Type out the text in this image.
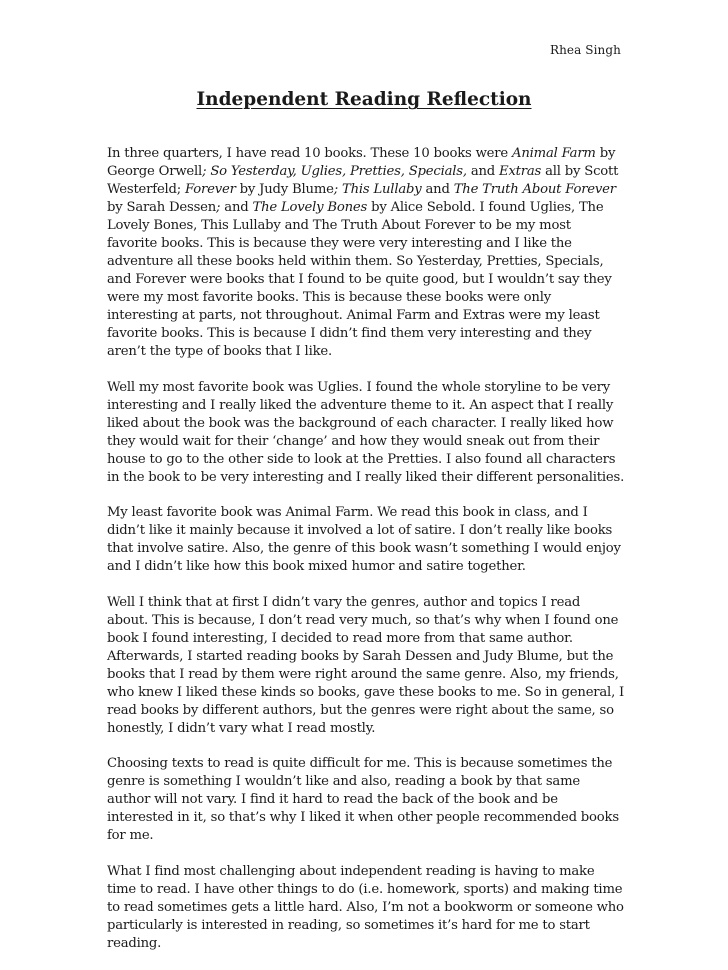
Rhea Singh
Independent Reading Reflection

In three quarters, I have read 10 books. These 10 books were Animal Farm by George Orwell; So Yesterday, Uglies, Pretties, Specials, and Extras all by Scott Westerfeld; Forever by Judy Blume; This Lullaby and The Truth About Forever by Sarah Dessen; and The Lovely Bones by Alice Sebold. I found Uglies, The Lovely Bones, This Lullaby and The Truth About Forever to be my most favorite books. This is because they were very interesting and I like the adventure all these books held within them. So Yesterday, Pretties, Specials, and Forever were books that I found to be quite good, but I wouldn’t say they were my most favorite books. This is because these books were only interesting at parts, not throughout. Animal Farm and Extras were my least favorite books. This is because I didn’t find them very interesting and they aren’t the type of books that I like.

Well my most favorite book was Uglies. I found the whole storyline to be very interesting and I really liked the adventure theme to it. An aspect that I really liked about the book was the background of each character. I really liked how they would wait for their ‘change’ and how they would sneak out from their house to go to the other side to look at the Pretties. I also found all characters in the book to be very interesting and I really liked their different personalities.

My least favorite book was Animal Farm. We read this book in class, and I didn’t like it mainly because it involved a lot of satire. I don’t really like books that involve satire. Also, the genre of this book wasn’t something I would enjoy and I didn’t like how this book mixed humor and satire together.

Well I think that at first I didn’t vary the genres, author and topics I read about. This is because, I don’t read very much, so that’s why when I found one book I found interesting, I decided to read more from that same author. Afterwards, I started reading books by Sarah Dessen and Judy Blume, but the books that I read by them were right around the same genre. Also, my friends, who knew I liked these kinds so books, gave these books to me. So in general, I read books by different authors, but the genres were right about the same, so honestly, I didn’t vary what I read mostly.

Choosing texts to read is quite difficult for me. This is because sometimes the genre is something I wouldn’t like and also, reading a book by that same author will not vary. I find it hard to read the back of the book and be interested in it, so that’s why I liked it when other people recommended books for me.

What I find most challenging about independent reading is having to make time to read. I have other things to do (i.e. homework, sports) and making time to read sometimes gets a little hard. Also, I’m not a bookworm or someone who particularly is interested in reading, so sometimes it’s hard for me to start reading.
